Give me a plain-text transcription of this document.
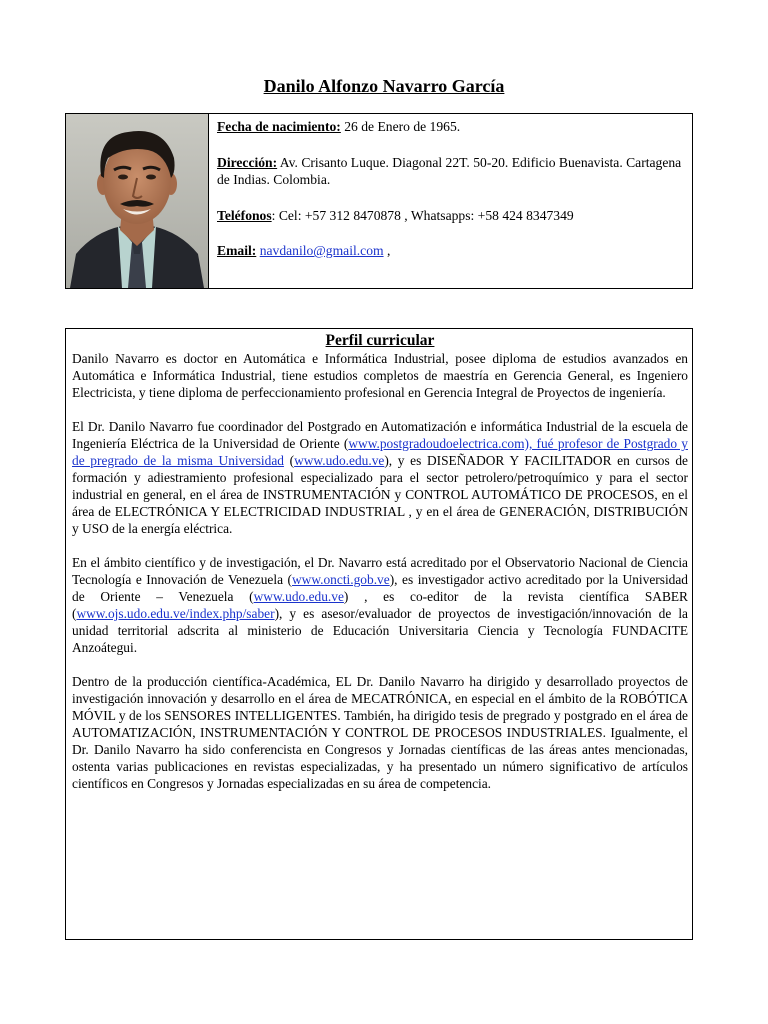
Danilo Alfonzo Navarro García

Fecha de nacimiento: 26 de Enero de 1965.

Dirección: Av. Crisanto Luque. Diagonal 22T. 50-20. Edificio Buenavista. Cartagena de Indias. Colombia.

Teléfonos: Cel: +57 312 8470878 , Whatsapps: +58 424 8347349

Email: navdanilo@gmail.com ,

Perfil curricular

Danilo Navarro es doctor en Automática e Informática Industrial, posee diploma de estudios avanzados en Automática e Informática Industrial, tiene estudios completos de maestría en Gerencia General, es Ingeniero Electricista, y tiene diploma de perfeccionamiento profesional en Gerencia Integral de Proyectos de ingeniería.

El Dr. Danilo Navarro fue coordinador del Postgrado en Automatización e informática Industrial de la escuela de Ingeniería Eléctrica de la Universidad de Oriente (www.postgradoudoelectrica.com), fué profesor de Postgrado y de pregrado de la misma Universidad (www.udo.edu.ve), y es DISEÑADOR Y FACILITADOR en cursos de formación y adiestramiento profesional especializado para el sector petrolero/petroquímico y para el sector industrial en general, en el área de INSTRUMENTACIÓN y CONTROL AUTOMÁTICO DE PROCESOS, en el área de ELECTRÓNICA Y ELECTRICIDAD INDUSTRIAL , y en el área de GENERACIÓN, DISTRIBUCIÓN y USO de la energía eléctrica.

En el ámbito científico y de investigación, el Dr. Navarro está acreditado por el Observatorio Nacional de Ciencia Tecnología e Innovación de Venezuela (www.oncti.gob.ve), es investigador activo acreditado por la Universidad de Oriente – Venezuela (www.udo.edu.ve) , es co-editor de la revista científica SABER (www.ojs.udo.edu.ve/index.php/saber), y es asesor/evaluador de proyectos de investigación/innovación de la unidad territorial adscrita al ministerio de Educación Universitaria Ciencia y Tecnología FUNDACITE Anzoátegui.

Dentro de la producción científica-Académica, EL Dr. Danilo Navarro ha dirigido y desarrollado proyectos de investigación innovación y desarrollo en el área de MECATRÓNICA, en especial en el ámbito de la ROBÓTICA MÓVIL y de los SENSORES INTELLIGENTES. También, ha dirigido tesis de pregrado y postgrado en el área de AUTOMATIZACIÓN, INSTRUMENTACIÓN Y CONTROL DE PROCESOS INDUSTRIALES. Igualmente, el Dr. Danilo Navarro ha sido conferencista en Congresos y Jornadas científicas de las áreas antes mencionadas, ostenta varias publicaciones en revistas especializadas, y ha presentado un número significativo de artículos científicos en Congresos y Jornadas especializadas en su área de competencia.
